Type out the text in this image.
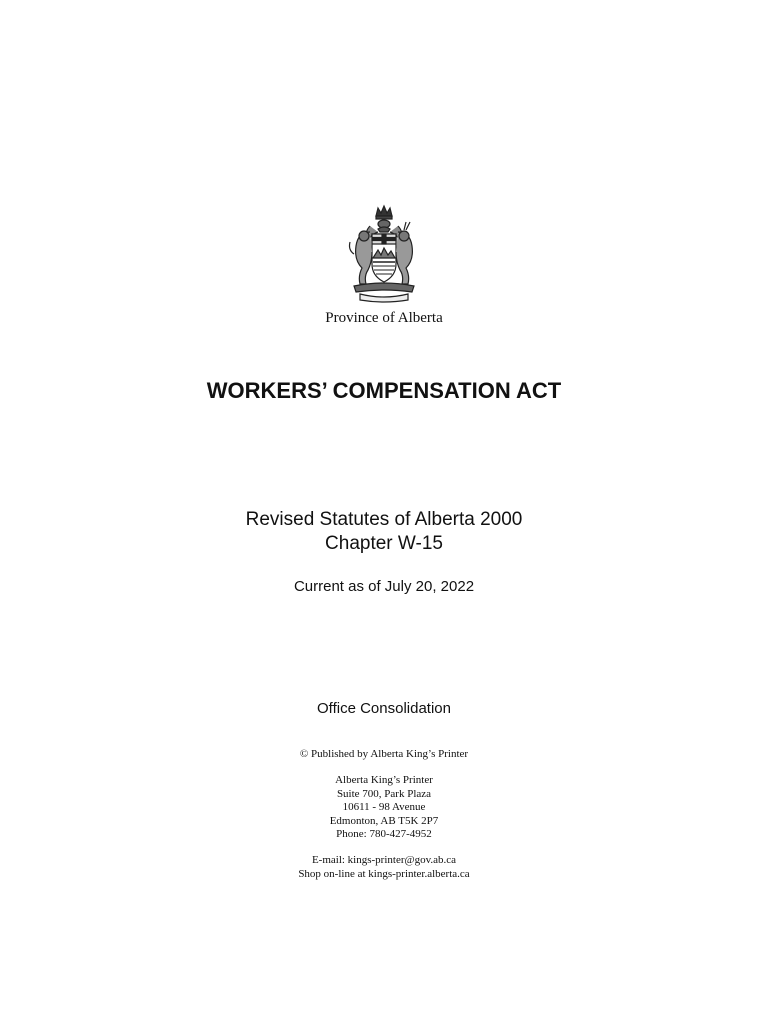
Province of Alberta
WORKERS’ COMPENSATION ACT
Revised Statutes of Alberta 2000
Chapter W-15
Current as of July 20, 2022
Office Consolidation
© Published by Alberta King’s Printer
Alberta King’s Printer
Suite 700, Park Plaza
10611 - 98 Avenue
Edmonton, AB T5K 2P7
Phone: 780-427-4952
E-mail: kings-printer@gov.ab.ca
Shop on-line at kings-printer.alberta.ca
